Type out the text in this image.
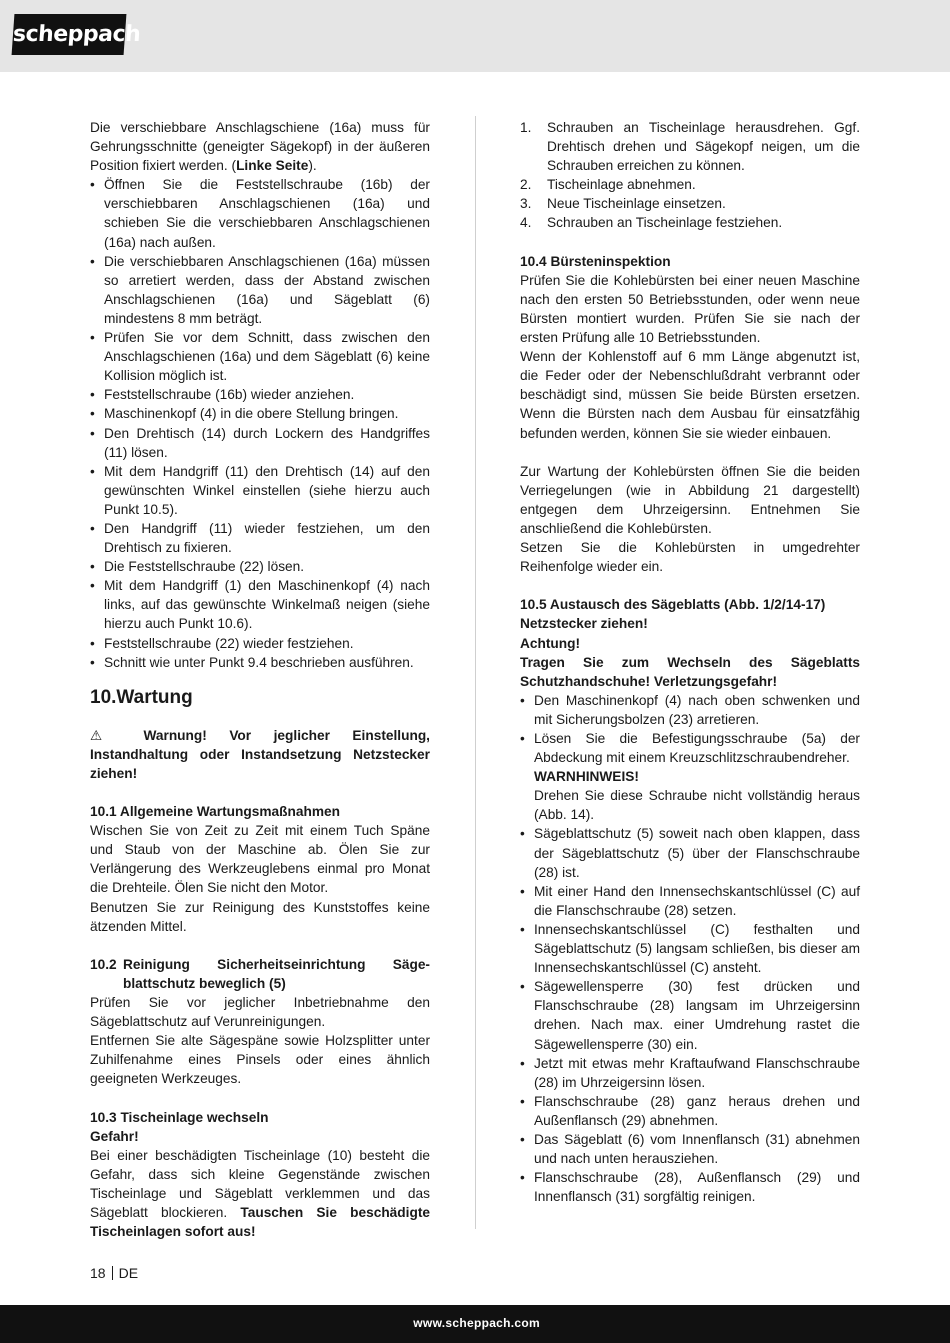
scheppach

Die verschiebbare Anschlagschiene (16a) muss für Gehrungsschnitte (geneigter Sägekopf) in der äußeren Position fixiert werden. (Linke Seite).

• Öffnen Sie die Feststellschraube (16b) der verschiebbaren Anschlagschienen (16a) und schieben Sie die verschiebbaren Anschlagschienen (16a) nach außen.
• Die verschiebbaren Anschlagschienen (16a) müssen so arretiert werden, dass der Abstand zwischen Anschlagschienen (16a) und Sägeblatt (6) mindestens 8 mm beträgt.
• Prüfen Sie vor dem Schnitt, dass zwischen den Anschlagschienen (16a) und dem Sägeblatt (6) keine Kollision möglich ist.
• Feststellschraube (16b) wieder anziehen.
• Maschinenkopf (4) in die obere Stellung bringen.
• Den Drehtisch (14) durch Lockern des Handgriffes (11) lösen.
• Mit dem Handgriff (11) den Drehtisch (14) auf den gewünschten Winkel einstellen (siehe hierzu auch Punkt 10.5).
• Den Handgriff (11) wieder festziehen, um den Drehtisch zu fixieren.
• Die Feststellschraube (22) lösen.
• Mit dem Handgriff (1) den Maschinenkopf (4) nach links, auf das gewünschte Winkelmaß neigen (siehe hierzu auch Punkt 10.6).
• Feststellschraube (22) wieder festziehen.
• Schnitt wie unter Punkt 9.4 beschrieben ausführen.
10.Wartung

⚠ Warnung! Vor jeglicher Einstellung, Instandhaltung oder Instandsetzung Netzstecker ziehen!

10.1 Allgemeine Wartungsmaßnahmen

Wischen Sie von Zeit zu Zeit mit einem Tuch Späne und Staub von der Maschine ab. Ölen Sie zur Verlängerung des Werkzeuglebens einmal pro Monat die Drehteile. Ölen Sie nicht den Motor.

Benutzen Sie zur Reinigung des Kunststoffes keine ätzenden Mittel.

10.2 Reinigung Sicherheitseinrichtung Säge-
blattschutz beweglich (5)

Prüfen Sie vor jeglicher Inbetriebnahme den Sägeblattschutz auf Verunreinigungen.

Entfernen Sie alte Sägespäne sowie Holzsplitter unter Zuhilfenahme eines Pinsels oder eines ähnlich geeigneten Werkzeuges.

10.3 Tischeinlage wechseln

Gefahr!

Bei einer beschädigten Tischeinlage (10) besteht die Gefahr, dass sich kleine Gegenstände zwischen Tischeinlage und Sägeblatt verklemmen und das Sägeblatt blockieren. Tauschen Sie beschädigte Tischeinlagen sofort aus!

1. Schrauben an Tischeinlage herausdrehen. Ggf. Drehtisch drehen und Sägekopf neigen, um die Schrauben erreichen zu können.
2. Tischeinlage abnehmen.
3. Neue Tischeinlage einsetzen.
4. Schrauben an Tischeinlage festziehen.

10.4 Bürsteninspektion

Prüfen Sie die Kohlebürsten bei einer neuen Maschine nach den ersten 50 Betriebsstunden, oder wenn neue Bürsten montiert wurden. Prüfen Sie sie nach der ersten Prüfung alle 10 Betriebsstunden.

Wenn der Kohlenstoff auf 6 mm Länge abgenutzt ist, die Feder oder der Nebenschlußdraht verbrannt oder beschädigt sind, müssen Sie beide Bürsten ersetzen. Wenn die Bürsten nach dem Ausbau für einsatzfähig befunden werden, können Sie sie wieder einbauen.

Zur Wartung der Kohlebürsten öffnen Sie die beiden Verriegelungen (wie in Abbildung 21 dargestellt) entgegen dem Uhrzeigersinn. Entnehmen Sie anschließend die Kohlebürsten.

Setzen Sie die Kohlebürsten in umgedrehter Reihenfolge wieder ein.

10.5 Austausch des Sägeblatts (Abb. 1/2/14-17)

Netzstecker ziehen!

Achtung!

Tragen Sie zum Wechseln des Sägeblatts Schutzhandschuhe! Verletzungsgefahr!

• Den Maschinenkopf (4) nach oben schwenken und mit Sicherungsbolzen (23) arretieren.
• Lösen Sie die Befestigungsschraube (5a) der Abdeckung mit einem Kreuzschlitzschraubendreher.
WARNHINWEIS!
Drehen Sie diese Schraube nicht vollständig heraus (Abb. 14).
• Sägeblattschutz (5) soweit nach oben klappen, dass der Sägeblattschutz (5) über der Flanschschraube (28) ist.
• Mit einer Hand den Innensechskantschlüssel (C) auf die Flanschschraube (28) setzen.
• Innensechskantschlüssel (C) festhalten und Sägeblattschutz (5) langsam schließen, bis dieser am Innensechskantschlüssel (C) ansteht.
• Sägewellensperre (30) fest drücken und Flanschschraube (28) langsam im Uhrzeigersinn drehen. Nach max. einer Umdrehung rastet die Sägewellensperre (30) ein.
• Jetzt mit etwas mehr Kraftaufwand Flanschschraube (28) im Uhrzeigersinn lösen.
• Flanschschraube (28) ganz heraus drehen und Außenflansch (29) abnehmen.
• Das Sägeblatt (6) vom Innenflansch (31) abnehmen und nach unten herausziehen.
• Flanschschraube (28), Außenflansch (29) und Innenflansch (31) sorgfältig reinigen.
18 DE
www.scheppach.com
